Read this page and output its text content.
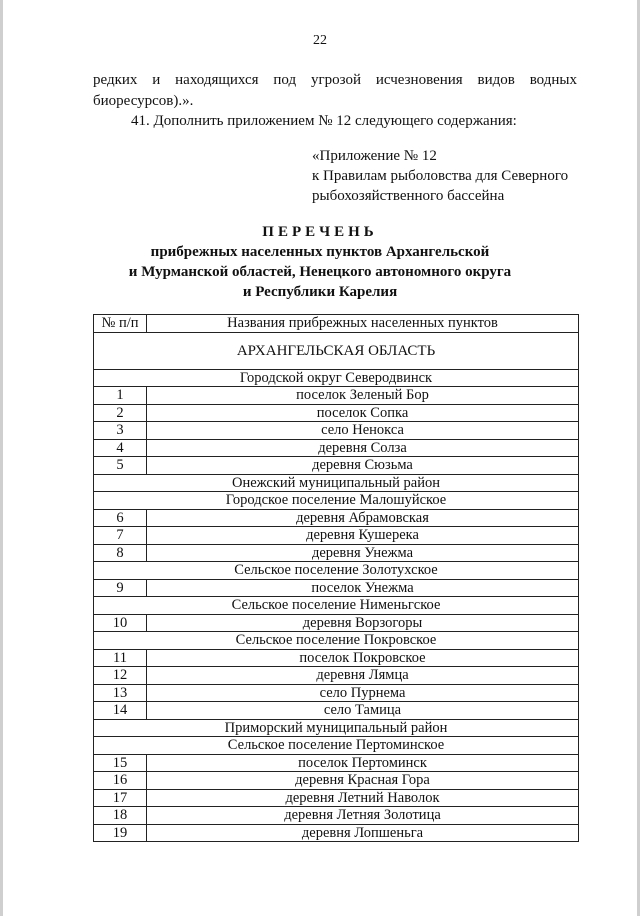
22
редких и находящихся под угрозой исчезновения видов водных
биоресурсов).».
41. Дополнить приложением № 12 следующего содержания:
«Приложение № 12
к Правилам рыболовства для Северного
рыбохозяйственного бассейна
ПЕРЕЧЕНЬ
прибрежных населенных пунктов Архангельской
и Мурманской областей, Ненецкого автономного округа
и Республики Карелия
№ п/п	Названия прибрежных населенных пунктов
АРХАНГЕЛЬСКАЯ ОБЛАСТЬ	
Городской округ Северодвинск	
1	поселок Зеленый Бор
2	поселок Сопка
3	село Ненокса
4	деревня Солза
5	деревня Сюзьма
Онежский муниципальный район	
Городское поселение Малошуйское	
6	деревня Абрамовская
7	деревня Кушерека
8	деревня Унежма
Сельское поселение Золотухское	
9	поселок Унежма
Сельское поселение Нименьгское	
10	деревня Ворзогоры
Сельское поселение Покровское	
11	поселок Покровское
12	деревня Лямца
13	село Пурнема
14	село Тамица
Приморский муниципальный район	
Сельское поселение Пертоминское	
15	поселок Пертоминск
16	деревня Красная Гора
17	деревня Летний Наволок
18	деревня Летняя Золотица
19	деревня Лопшеньга
